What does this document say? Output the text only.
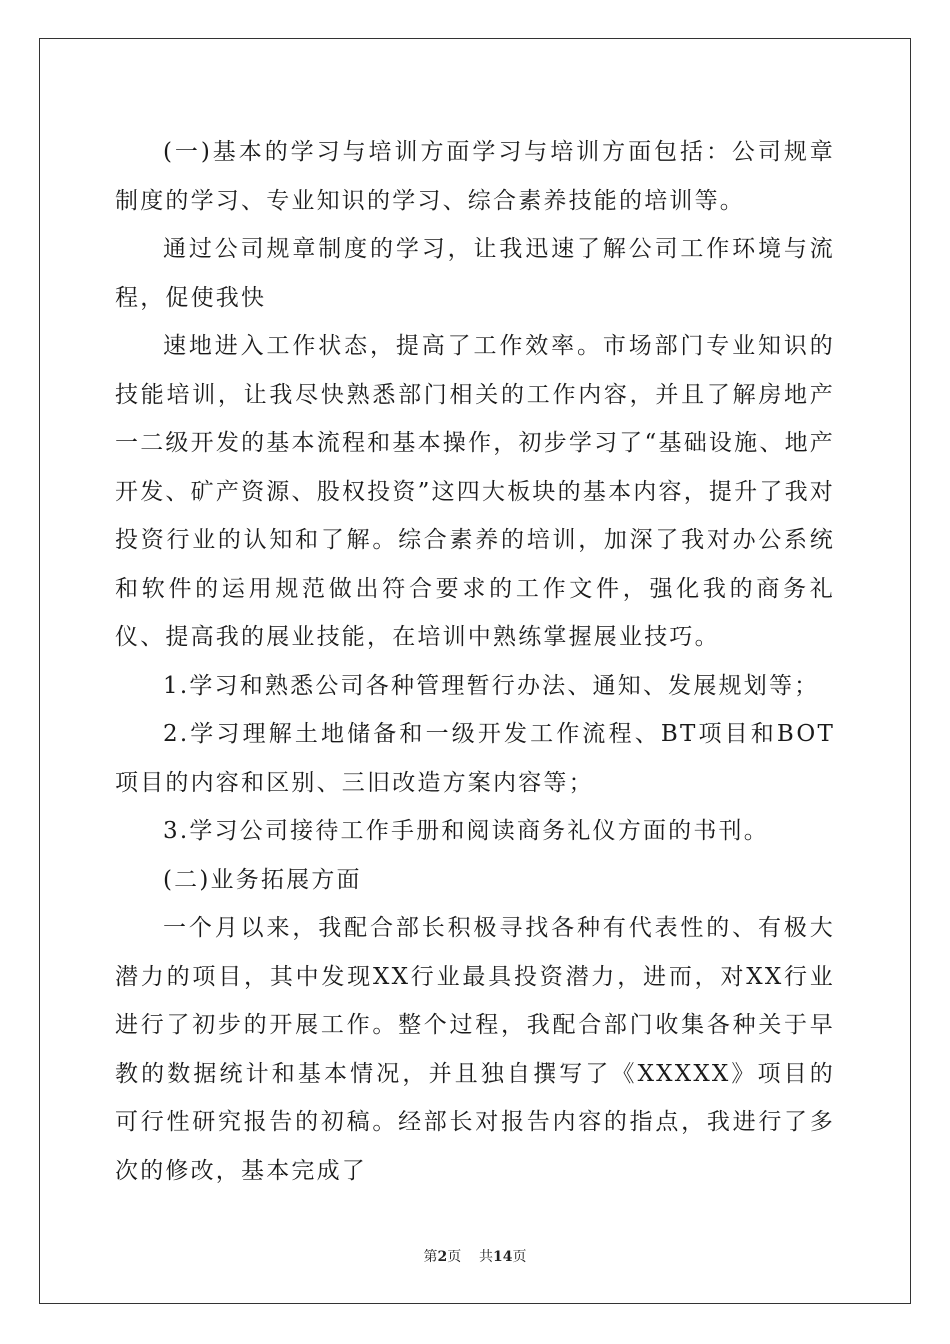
(一)基本的学习与培训方面学习与培训方面包括：公司规章制度的学习、专业知识的学习、综合素养技能的培训等。

通过公司规章制度的学习，让我迅速了解公司工作环境与流程，促使我快

速地进入工作状态，提高了工作效率。市场部门专业知识的技能培训，让我尽快熟悉部门相关的工作内容，并且了解房地产一二级开发的基本流程和基本操作，初步学习了“基础设施、地产开发、矿产资源、股权投资”这四大板块的基本内容，提升了我对投资行业的认知和了解。综合素养的培训，加深了我对办公系统和软件的运用规范做出符合要求的工作文件，强化我的商务礼仪、提高我的展业技能，在培训中熟练掌握展业技巧。

1.学习和熟悉公司各种管理暂行办法、通知、发展规划等；

2.学习理解土地储备和一级开发工作流程、BT项目和BOT项目的内容和区别、三旧改造方案内容等；

3.学习公司接待工作手册和阅读商务礼仪方面的书刊。

(二)业务拓展方面

一个月以来，我配合部长积极寻找各种有代表性的、有极大潜力的项目，其中发现XX行业最具投资潜力，进而，对XX行业进行了初步的开展工作。整个过程，我配合部门收集各种关于早教的数据统计和基本情况，并且独自撰写了《XXXXX》项目的可行性研究报告的初稿。经部长对报告内容的指点，我进行了多次的修改，基本完成了

第2页 共14页
